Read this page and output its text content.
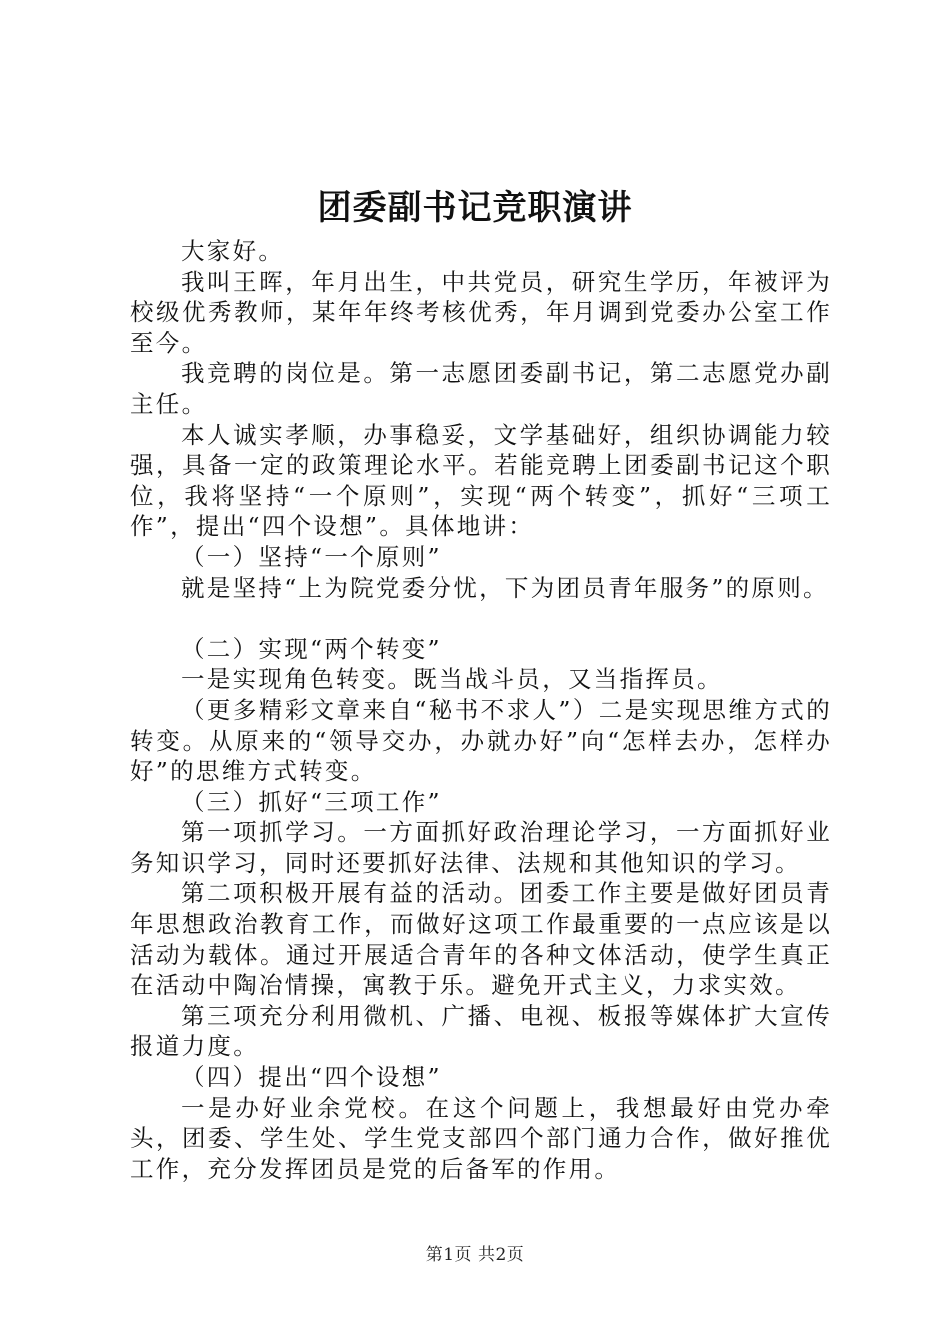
团委副书记竞职演讲

大家好。

我叫王晖，年月出生，中共党员，研究生学历，年被评为校级优秀教师，某年年终考核优秀，年月调到党委办公室工作至今。

我竞聘的岗位是。第一志愿团委副书记，第二志愿党办副主任。

本人诚实孝顺，办事稳妥，文学基础好，组织协调能力较强，具备一定的政策理论水平。若能竞聘上团委副书记这个职位，我将坚持“一个原则”，实现“两个转变”，抓好“三项工作”，提出“四个设想”。具体地讲：

（一）坚持“一个原则”

就是坚持“上为院党委分忧，下为团员青年服务”的原则。

（二）实现“两个转变”

一是实现角色转变。既当战斗员，又当指挥员。

（更多精彩文章来自“秘书不求人”）二是实现思维方式的转变。从原来的“领导交办，办就办好”向“怎样去办，怎样办好”的思维方式转变。

（三）抓好“三项工作”

第一项抓学习。一方面抓好政治理论学习，一方面抓好业务知识学习，同时还要抓好法律、法规和其他知识的学习。

第二项积极开展有益的活动。团委工作主要是做好团员青年思想政治教育工作，而做好这项工作最重要的一点应该是以活动为载体。通过开展适合青年的各种文体活动，使学生真正在活动中陶冶情操，寓教于乐。避免开式主义，力求实效。

第三项充分利用微机、广播、电视、板报等媒体扩大宣传报道力度。

（四）提出“四个设想”

一是办好业余党校。在这个问题上，我想最好由党办牵头，团委、学生处、学生党支部四个部门通力合作，做好推优工作，充分发挥团员是党的后备军的作用。

第1页 共2页
